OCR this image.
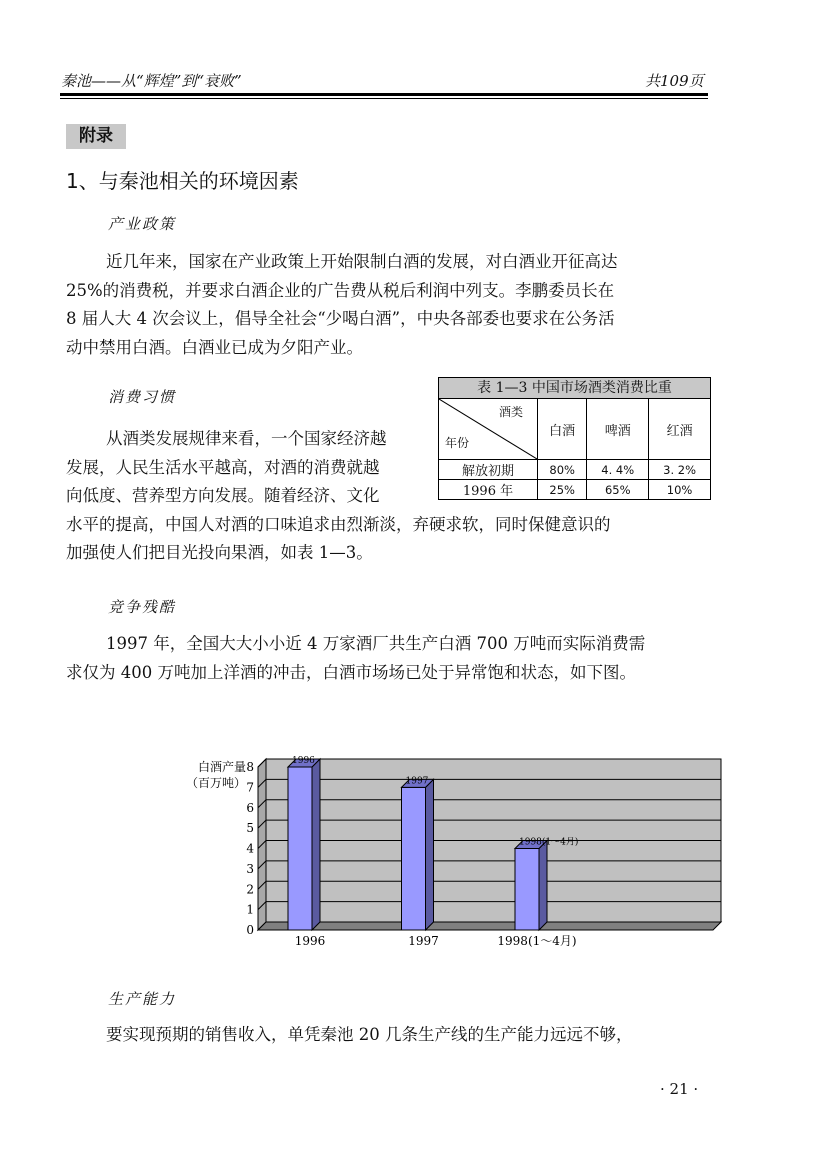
秦池——从“辉煌”到“衰败”	共109页
附录
1、与秦池相关的环境因素
产业政策
近几年来，国家在产业政策上开始限制白酒的发展，对白酒业开征高达
25%的消费税，并要求白酒企业的广告费从税后利润中列支。李鹏委员长在
8 届人大 4 次会议上，倡导全社会“少喝白酒”，中央各部委也要求在公务活
动中禁用白酒。白酒业已成为夕阳产业。
消费习惯
从酒类发展规律来看，一个国家经济越
发展，人民生活水平越高，对酒的消费就越
向低度、营养型方向发展。随着经济、文化
水平的提高，中国人对酒的口味追求由烈渐淡，弃硬求软，同时保健意识的
加强使人们把目光投向果酒，如表 1—3。
表 1—3 中国市场酒类消费比重
酒类
年份	白酒	啤酒	红酒
解放初期	80%	4. 4%	3. 2%
1996 年	25%	65%	10%
竞争残酷
1997 年，全国大大小小近 4 万家酒厂共生产白酒 700 万吨而实际消费需
求仅为 400 万吨加上洋酒的冲击，白酒市场场已处于异常饱和状态，如下图。
0
1
2
3
4
5
6
7
8
白酒产量
（百万吨）
1996
1996
1997
1997
1998(1～4月)
1998(1～4月)
生产能力
要实现预期的销售收入，单凭秦池 20 几条生产线的生产能力远远不够，
· 21 ·
